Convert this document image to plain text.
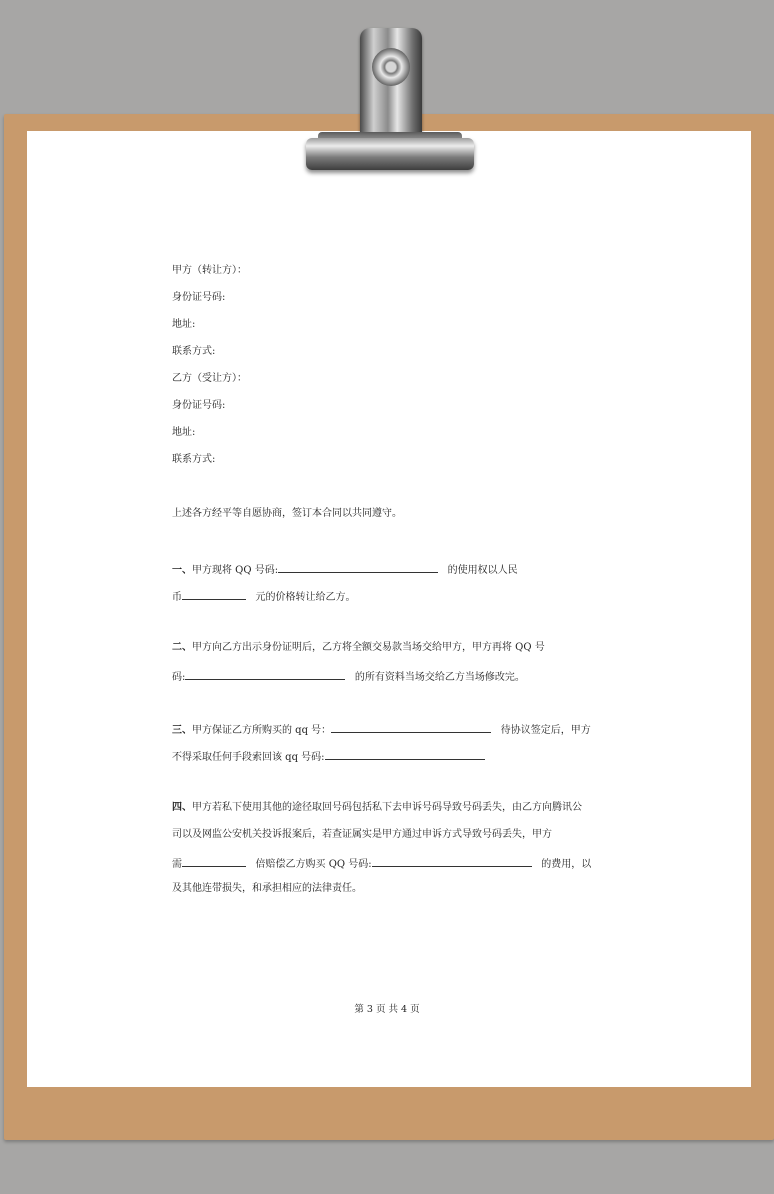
甲方（转让方）：
身份证号码:
地址:
联系方式:
乙方（受让方）：
身份证号码:
地址:
联系方式:
上述各方经平等自愿协商，签订本合同以共同遵守。
一、甲方现将 QQ 号码:	的使用权以人民
币	元的价格转让给乙方。
二、甲方向乙方出示身份证明后，乙方将全额交易款当场交给甲方，甲方再将 QQ 号
码:	的所有资料当场交给乙方当场修改完。
三、甲方保证乙方所购买的 qq 号：	待协议签定后，甲方
不得采取任何手段索回该 qq 号码:
四、甲方若私下使用其他的途径取回号码包括私下去申诉号码导致号码丢失，由乙方向腾讯公
司以及网监公安机关投诉报案后，若查证属实是甲方通过申诉方式导致号码丢失，甲方
需	倍赔偿乙方购买 QQ 号码:	的费用，以
及其他连带损失，和承担相应的法律责任。
第 3 页 共 4 页
